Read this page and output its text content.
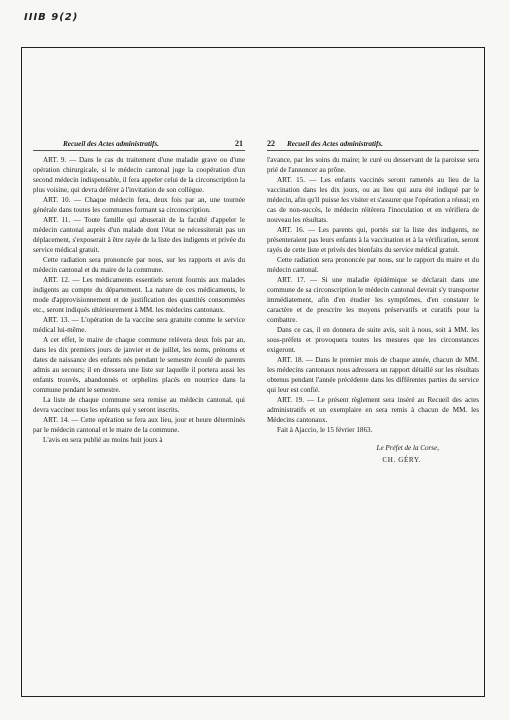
IIIB 9(2)
Recueil des Actes administratifs.	21

ART. 9. — Dans le cas du traitement d'une maladie grave ou d'une opération chirurgicale, si le médecin cantonal juge la coopération d'un second médecin indispensable, il fera appeler celui de la circonscription la plus voisine, qui devra déférer à l'invitation de son collègue.

ART. 10. — Chaque médecin fera, deux fois par an, une tournée générale dans toutes les communes formant sa circonscription.

ART. 11. — Toute famille qui abuserait de la faculté d'appeler le médecin cantonal auprès d'un malade dont l'état ne nécessiterait pas un déplacement, s'exposerait à être rayée de la liste des indigents et privée du service médical gratuit.

Cette radiation sera prononcée par nous, sur les rapports et avis du médecin cantonal et du maire de la commune.

ART. 12. — Les médicaments essentiels seront fournis aux malades indigents au compte du département. La nature de ces médicaments, le mode d'approvisionnement et de justification des quantités consommées etc., seront indiqués ultérieurement à MM. les médecins cantonaux.

ART. 13. — L'opération de la vaccine sera gratuite comme le service médical lui-même.

A cet effet, le maire de chaque commune relèvera deux fois par an, dans les dix premiers jours de janvier et de juillet, les noms, prénoms et dates de naissance des enfants nés pendant le semestre écoulé de parents admis au secours; il en dressera une liste sur laquelle il portera aussi les enfants trouvés, abandonnés et orphelins placés en nourrice dans la commune pendant le semestre.

La liste de chaque commune sera remise au médecin cantonal, qui devra vacciner tous les enfants qui y seront inscrits.

ART. 14. — Cette opération se fera aux lieu, jour et heure déterminés par le médecin cantonal et le maire de la commune.

L'avis en sera publié au moins huit jours à

22 Recueil des Actes administratifs.

l'avance, par les soins du maire; le curé ou desservant de la paroisse sera prié de l'annoncer au prône.

ART. 15. — Les enfants vaccinés seront ramenés au lieu de la vaccination dans les dix jours, ou au lieu qui aura été indiqué par le médecin, afin qu'il puisse les visiter et s'assurer que l'opération a réussi; en cas de non-succès, le médecin réitèrera l'inoculation et en vérifiera de nouveau les résultats.

ART. 16. — Les parents qui, portés sur la liste des indigents, ne présenteraient pas leurs enfants à la vaccination et à la vérification, seront rayés de cette liste et privés des bienfaits du service médical gratuit.

Cette radiation sera prononcée par nous, sur le rapport du maire et du médecin cantonal.

ART. 17. — Si une maladie épidémique se déclarait dans une commune de sa circonscription le médecin cantonal devrait s'y transporter immédiatement, afin d'en étudier les symptômes, d'en constater le caractère et de prescrire les moyens préservatifs et curatifs pour la combattre.

Dans ce cas, il en donnera de suite avis, soit à nous, soit à MM. les sous-préfets et provoquera toutes les mesures que les circonstances exigeront.

ART. 18. — Dans le premier mois de chaque année, chacun de MM. les médecins cantonaux nous adressera un rapport détaillé sur les résultats obtenus pendant l'année précédente dans les différentes parties du service qui leur est confié.

ART. 19. — Le présent règlement sera inséré au Recueil des actes administratifs et un exemplaire en sera remis à chacun de MM. les Médecins cantonaux.

Fait à Ajaccio, le 15 février 1863.

Le Préfet de la Corse,

CH. GÉRY.
